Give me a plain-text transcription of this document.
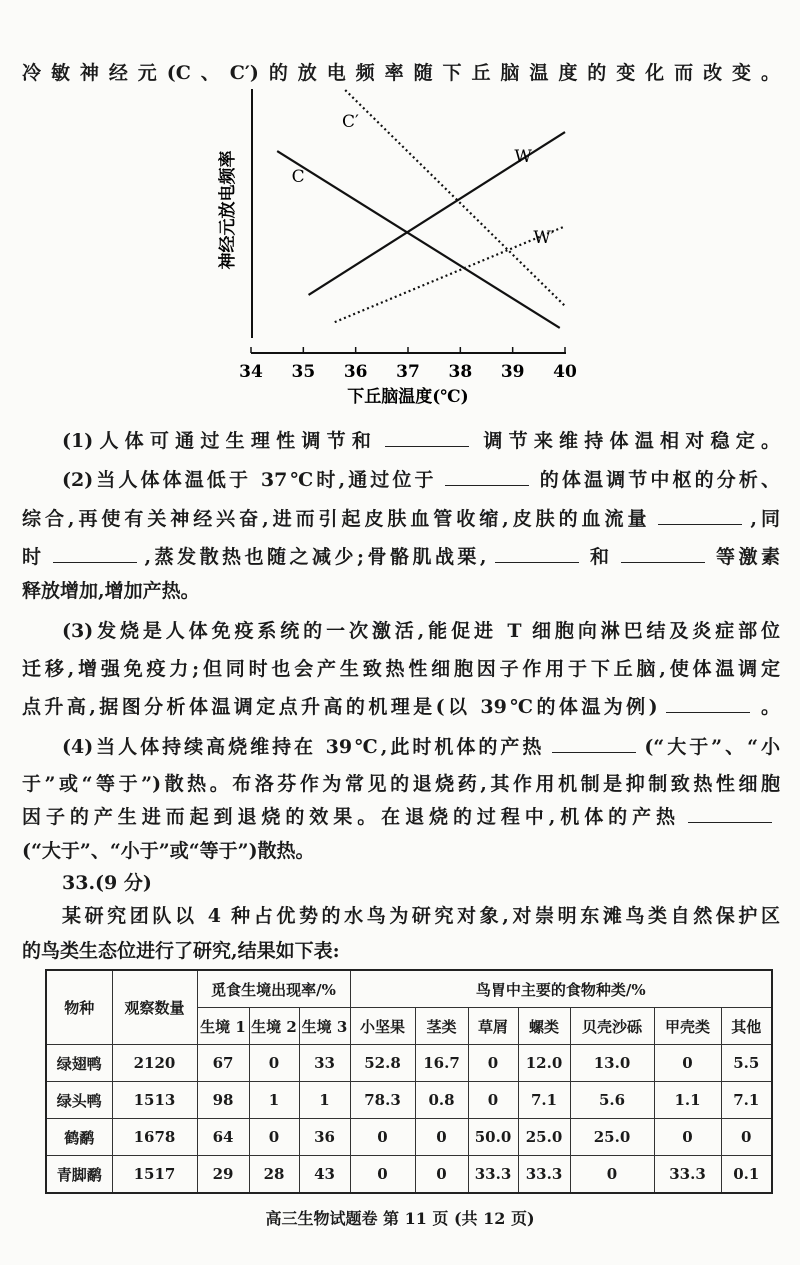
冷敏神经元(C、C′)的放电频率随下丘脑温度的变化而改变。
(1)人体可通过生理性调节和	调节来维持体温相对稳定。
(2)当人体体温低于 37℃时,通过位于	的体温调节中枢的分析、
综合,再使有关神经兴奋,进而引起皮肤血管收缩,皮肤的血流量	,同
时	,蒸发散热也随之减少;骨骼肌战栗,	和	等激素
释放增加,增加产热。
(3)发烧是人体免疫系统的一次激活,能促进 T 细胞向淋巴结及炎症部位
迁移,增强免疫力;但同时也会产生致热性细胞因子作用于下丘脑,使体温调定
点升高,据图分析体温调定点升高的机理是(以 39℃的体温为例)	。
(4)当人体持续高烧维持在 39℃,此时机体的产热	(“大于”、“小
于”或“等于”)散热。布洛芬作为常见的退烧药,其作用机制是抑制致热性细胞
因子的产生进而起到退烧的效果。在退烧的过程中,机体的产热
(“大于”、“小于”或“等于”)散热。
33.(9 分)
某研究团队以 4 种占优势的水鸟为研究对象,对崇明东滩鸟类自然保护区
的鸟类生态位进行了研究,结果如下表:
34 35 36 37 38 39 40
C
W
C′
W′
下丘脑温度(℃)
神经元放电频率
物种	观察数量	觅食生境出现率/%			鸟胃中主要的食物种类/%						
		生境 1	生境 2	生境 3	小坚果	茎类	草屑	螺类	贝壳沙砾	甲壳类	其他
绿翅鸭	2120	67	0	33	52.8	16.7	0	12.0	13.0	0	5.5
绿头鸭	1513	98	1	1	78.3	0.8	0	7.1	5.6	1.1	7.1
鹤鹬	1678	64	0	36	0	0	50.0	25.0	25.0	0	0
青脚鹬	1517	29	28	43	0	0	33.3	33.3	0	33.3	0.1
高三生物试题卷 第 11 页 (共 12 页)
